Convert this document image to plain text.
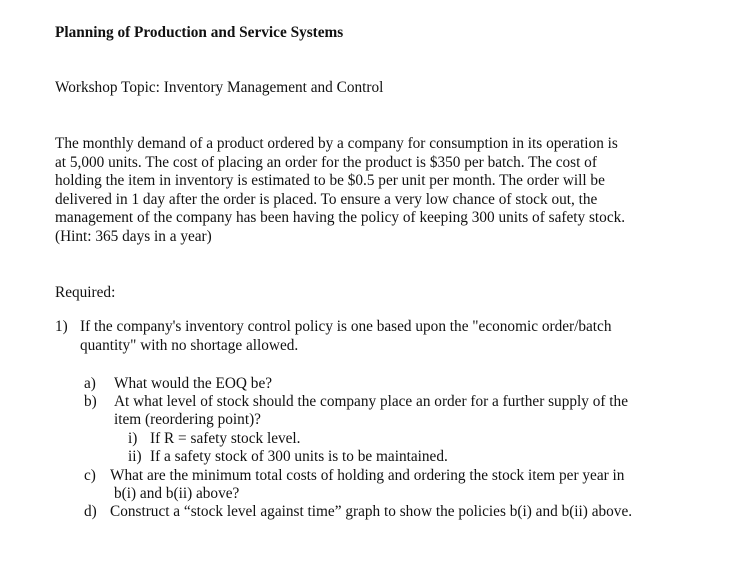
Planning of Production and Service Systems
Workshop Topic: Inventory Management and Control
The monthly demand of a product ordered by a company for consumption in its operation is
at 5,000 units. The cost of placing an order for the product is $350 per batch. The cost of
holding the item in inventory is estimated to be $0.5 per unit per month. The order will be
delivered in 1 day after the order is placed. To ensure a very low chance of stock out, the
management of the company has been having the policy of keeping 300 units of safety stock.
(Hint: 365 days in a year)
Required:
1) If the company's inventory control policy is one based upon the "economic order/batch
quantity" with no shortage allowed.
a) What would the EOQ be?
b) At what level of stock should the company place an order for a further supply of the
item (reordering point)?
i) If R = safety stock level.
ii) If a safety stock of 300 units is to be maintained.
c) What are the minimum total costs of holding and ordering the stock item per year in
b(i) and b(ii) above?
d) Construct a “stock level against time” graph to show the policies b(i) and b(ii) above.
